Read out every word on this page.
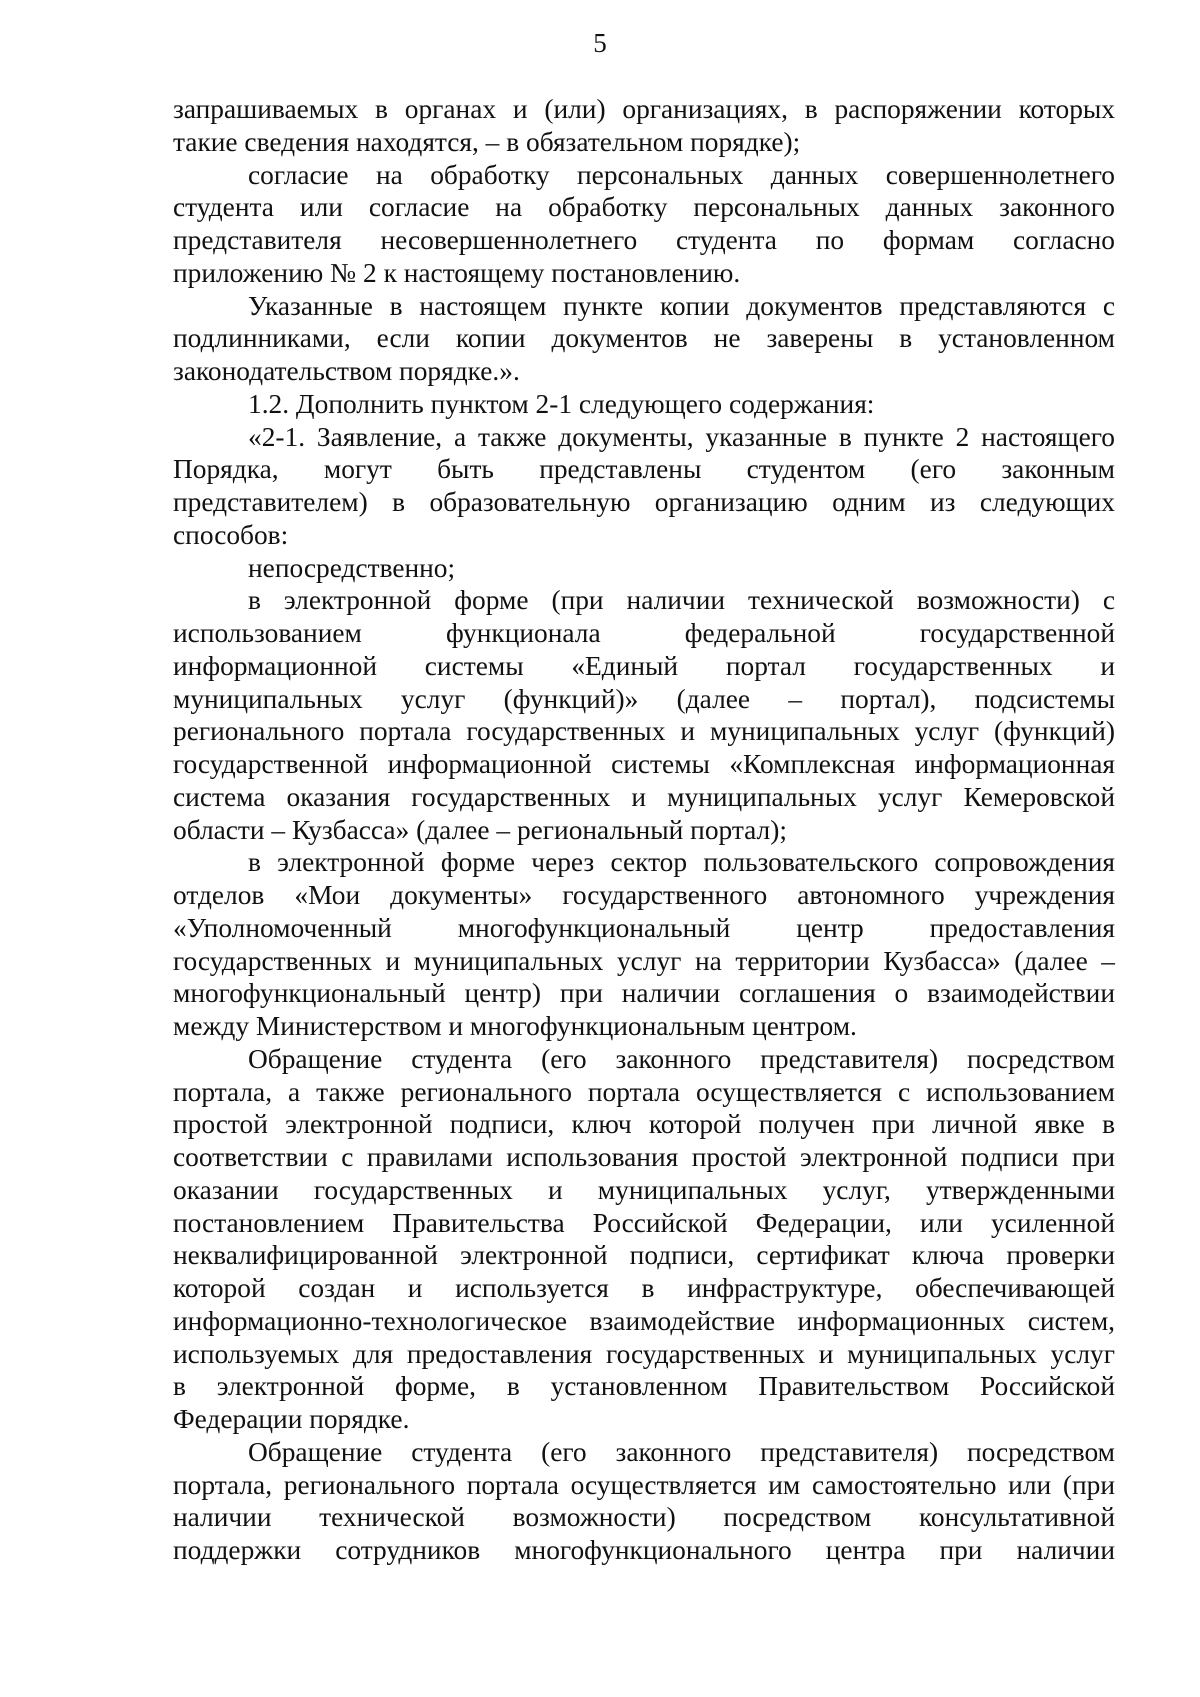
5
запрашиваемых в органах и (или) организациях, в распоряжении которых
такие сведения находятся, – в обязательном порядке);
согласие на обработку персональных данных совершеннолетнего
студента или согласие на обработку персональных данных законного
представителя несовершеннолетнего студента по формам согласно
приложению № 2 к настоящему постановлению.
Указанные в настоящем пункте копии документов представляются с
подлинниками, если копии документов не заверены в установленном
законодательством порядке.».
1.2. Дополнить пунктом 2-1 следующего содержания:
«2-1. Заявление, а также документы, указанные в пункте 2 настоящего
Порядка, могут быть представлены студентом (его законным
представителем) в образовательную организацию одним из следующих
способов:
непосредственно;
в электронной форме (при наличии технической возможности) с
использованием функционала федеральной государственной
информационной системы «Единый портал государственных и
муниципальных услуг (функций)» (далее – портал), подсистемы
регионального портала государственных и муниципальных услуг (функций)
государственной информационной системы «Комплексная информационная
система оказания государственных и муниципальных услуг Кемеровской
области – Кузбасса» (далее – региональный портал);
в электронной форме через сектор пользовательского сопровождения
отделов «Мои документы» государственного автономного учреждения
«Уполномоченный многофункциональный центр предоставления
государственных и муниципальных услуг на территории Кузбасса» (далее –
многофункциональный центр) при наличии соглашения о взаимодействии
между Министерством и многофункциональным центром.
Обращение студента (его законного представителя) посредством
портала, а также регионального портала осуществляется с использованием
простой электронной подписи, ключ которой получен при личной явке в
соответствии с правилами использования простой электронной подписи при
оказании государственных и муниципальных услуг, утвержденными
постановлением Правительства Российской Федерации, или усиленной
неквалифицированной электронной подписи, сертификат ключа проверки
которой создан и используется в инфраструктуре, обеспечивающей
информационно-технологическое взаимодействие информационных систем,
используемых для предоставления государственных и муниципальных услуг
в электронной форме, в установленном Правительством Российской
Федерации порядке.
Обращение студента (его законного представителя) посредством
портала, регионального портала осуществляется им самостоятельно или (при
наличии технической возможности) посредством консультативной
поддержки сотрудников многофункционального центра при наличии
